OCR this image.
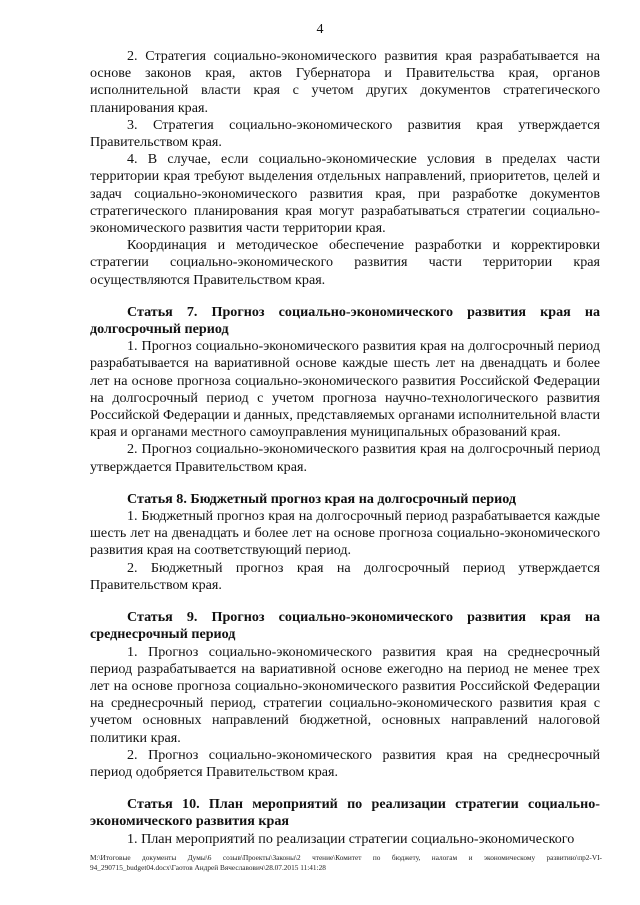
4

2. Стратегия социально-экономического развития края разрабатывается на основе законов края, актов Губернатора и Правительства края, органов исполнительной власти края с учетом других документов стратегического планирования края.

3. Стратегия социально-экономического развития края утверждается Правительством края.

4. В случае, если социально-экономические условия в пределах части территории края требуют выделения отдельных направлений, приоритетов, целей и задач социально-экономического развития края, при разработке документов стратегического планирования края могут разрабатываться стратегии социально-экономического развития части территории края.

Координация и методическое обеспечение разработки и корректировки стратегии социально-экономического развития части территории края осуществляются Правительством края.

Статья 7. Прогноз социально-экономического развития края на долгосрочный период

1. Прогноз социально-экономического развития края на долгосрочный период разрабатывается на вариативной основе каждые шесть лет на двенадцать и более лет на основе прогноза социально-экономического развития Российской Федерации на долгосрочный период с учетом прогноза научно-технологического развития Российской Федерации и данных, представляемых органами исполнительной власти края и органами местного самоуправления муниципальных образований края.

2. Прогноз социально-экономического развития края на долгосрочный период утверждается Правительством края.

Статья 8. Бюджетный прогноз края на долгосрочный период

1. Бюджетный прогноз края на долгосрочный период разрабатывается каждые шесть лет на двенадцать и более лет на основе прогноза социально-экономического развития края на соответствующий период.

2. Бюджетный прогноз края на долгосрочный период утверждается Правительством края.

Статья 9. Прогноз социально-экономического развития края на среднесрочный период

1. Прогноз социально-экономического развития края на среднесрочный период разрабатывается на вариативной основе ежегодно на период не менее трех лет на основе прогноза социально-экономического развития Российской Федерации на среднесрочный период, стратегии социально-экономического развития края с учетом основных направлений бюджетной, основных направлений налоговой политики края.

2. Прогноз социально-экономического развития края на среднесрочный период одобряется Правительством края.

Статья 10. План мероприятий по реализации стратегии социально-экономического развития края

1. План мероприятий по реализации стратегии социально-экономического

M:\Итоговые документы Думы\6 созыв\Проекты\Законы\2 чтение\Комитет по бюджету, налогам и экономическому развитию\пр2-VI-94_290715_budget04.docx\Гаотов Андрей Вячеславович\28.07.2015 11:41:28
